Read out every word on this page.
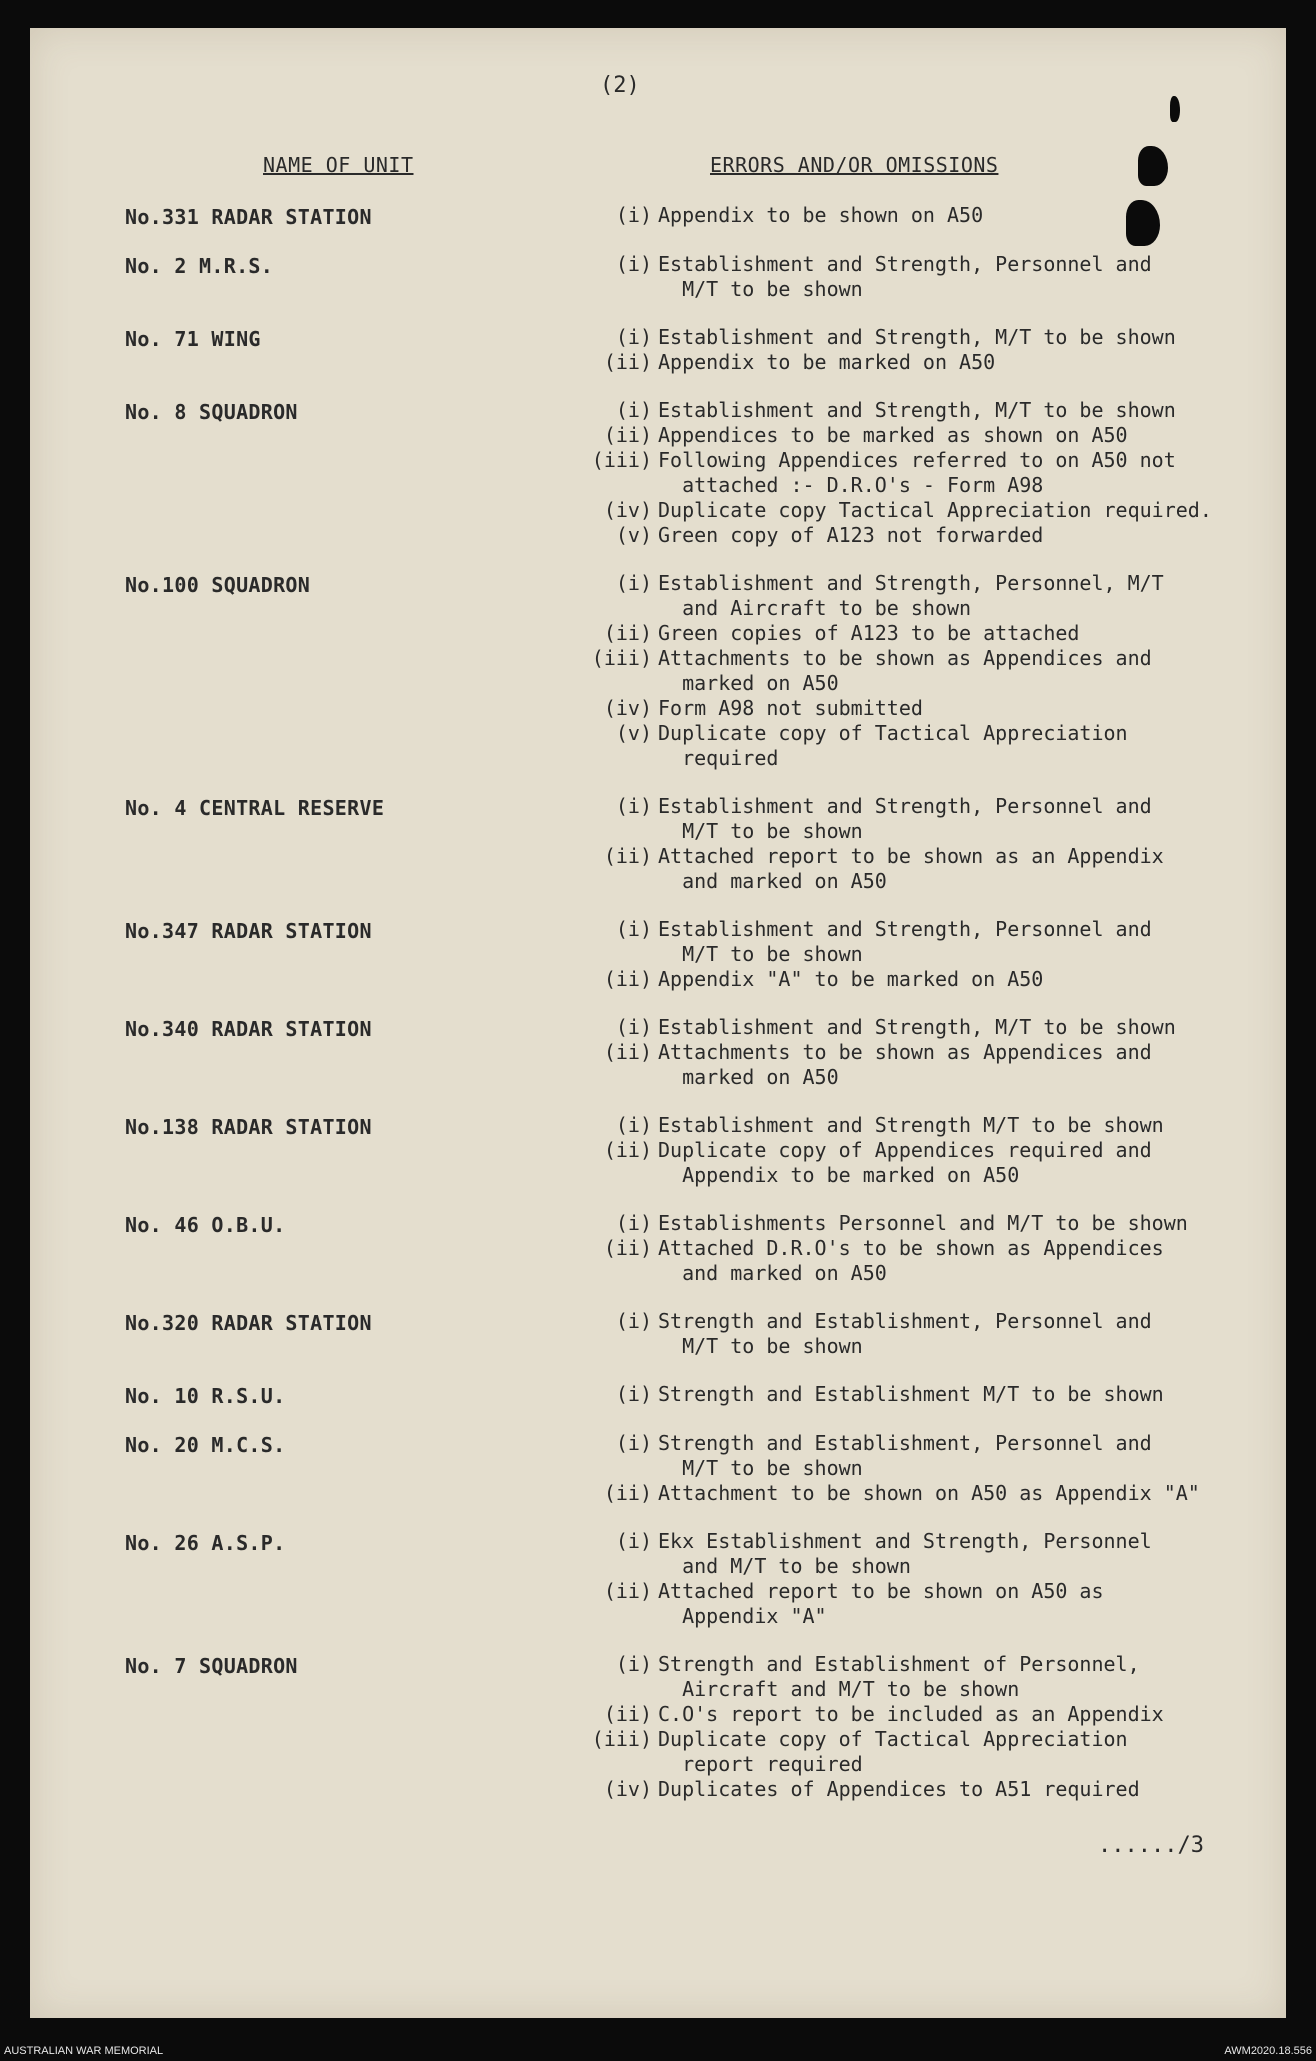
(2)
NAME OF UNIT	ERRORS AND/OR OMISSIONS
No.331 RADAR STATION	(i) Appendix to be shown on A50
No. 2 M.R.S.	(i) Establishment and Strength, Personnel and
M/T to be shown
No. 71 WING	(i) Establishment and Strength, M/T to be shown
(ii) Appendix to be marked on A50
No. 8 SQUADRON	(i) Establishment and Strength, M/T to be shown
(ii) Appendices to be marked as shown on A50
(iii) Following Appendices referred to on A50 not
attached :- D.R.O's - Form A98
(iv) Duplicate copy Tactical Appreciation required.
(v) Green copy of A123 not forwarded
No.100 SQUADRON	(i) Establishment and Strength, Personnel, M/T
and Aircraft to be shown
(ii) Green copies of A123 to be attached
(iii) Attachments to be shown as Appendices and
marked on A50
(iv) Form A98 not submitted
(v) Duplicate copy of Tactical Appreciation
required
No. 4 CENTRAL RESERVE	(i) Establishment and Strength, Personnel and
M/T to be shown
(ii) Attached report to be shown as an Appendix
and marked on A50
No.347 RADAR STATION	(i) Establishment and Strength, Personnel and
M/T to be shown
(ii) Appendix "A" to be marked on A50
No.340 RADAR STATION	(i) Establishment and Strength, M/T to be shown
(ii) Attachments to be shown as Appendices and
marked on A50
No.138 RADAR STATION	(i) Establishment and Strength M/T to be shown
(ii) Duplicate copy of Appendices required and
Appendix to be marked on A50
No. 46 O.B.U.	(i) Establishments Personnel and M/T to be shown
(ii) Attached D.R.O's to be shown as Appendices
and marked on A50
No.320 RADAR STATION	(i) Strength and Establishment, Personnel and
M/T to be shown
No. 10 R.S.U.	(i) Strength and Establishment M/T to be shown
No. 20 M.C.S.	(i) Strength and Establishment, Personnel and
M/T to be shown
(ii) Attachment to be shown on A50 as Appendix "A"
No. 26 A.S.P.	(i) Ekx Establishment and Strength, Personnel
and M/T to be shown
(ii) Attached report to be shown on A50 as
Appendix "A"
No. 7 SQUADRON	(i) Strength and Establishment of Personnel,
Aircraft and M/T to be shown
(ii) C.O's report to be included as an Appendix
(iii) Duplicate copy of Tactical Appreciation
report required
(iv) Duplicates of Appendices to A51 required
....../3
AUSTRALIAN WAR MEMORIAL	AWM2020.18.556
